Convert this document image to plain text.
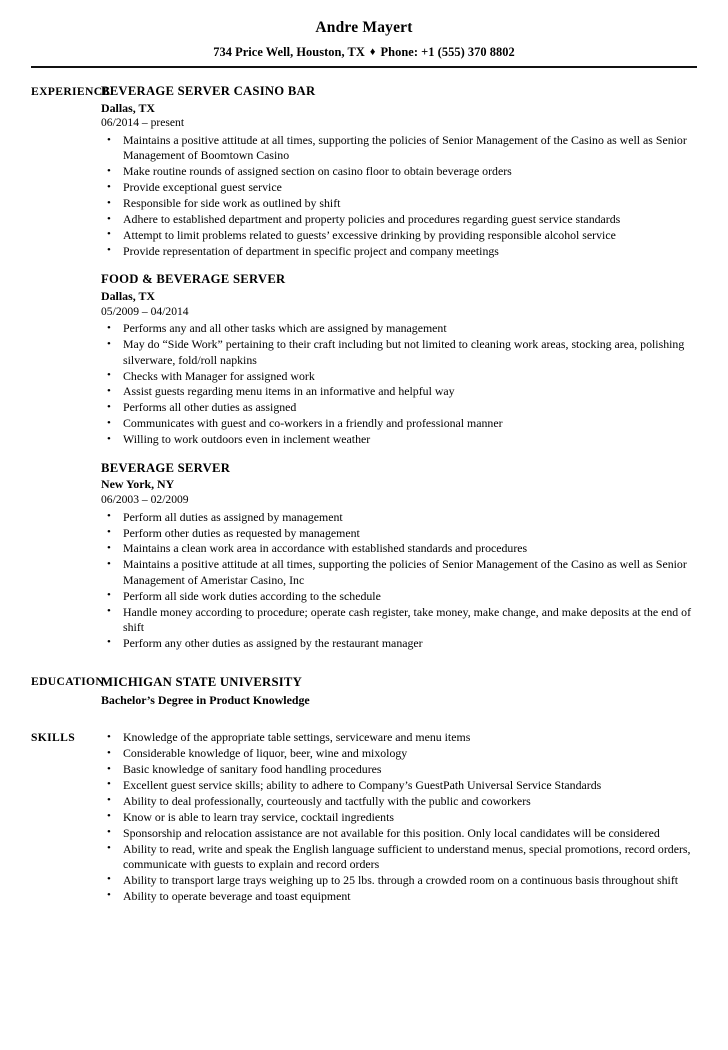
Andre Mayert
734 Price Well, Houston, TX ♦ Phone: +1 (555) 370 8802
EXPERIENCE
BEVERAGE SERVER CASINO BAR
Dallas, TX
06/2014 – present
• Maintains a positive attitude at all times, supporting the policies of Senior Management of the Casino as well as Senior Management of Boomtown Casino
• Make routine rounds of assigned section on casino floor to obtain beverage orders
• Provide exceptional guest service
• Responsible for side work as outlined by shift
• Adhere to established department and property policies and procedures regarding guest service standards
• Attempt to limit problems related to guests’ excessive drinking by providing responsible alcohol service
• Provide representation of department in specific project and company meetings
FOOD & BEVERAGE SERVER
Dallas, TX
05/2009 – 04/2014
• Performs any and all other tasks which are assigned by management
• May do “Side Work” pertaining to their craft including but not limited to cleaning work areas, stocking area, polishing silverware, fold/roll napkins
• Checks with Manager for assigned work
• Assist guests regarding menu items in an informative and helpful way
• Performs all other duties as assigned
• Communicates with guest and co-workers in a friendly and professional manner
• Willing to work outdoors even in inclement weather
BEVERAGE SERVER
New York, NY
06/2003 – 02/2009
• Perform all duties as assigned by management
• Perform other duties as requested by management
• Maintains a clean work area in accordance with established standards and procedures
• Maintains a positive attitude at all times, supporting the policies of Senior Management of the Casino as well as Senior Management of Ameristar Casino, Inc
• Perform all side work duties according to the schedule
• Handle money according to procedure; operate cash register, take money, make change, and make deposits at the end of shift
• Perform any other duties as assigned by the restaurant manager
EDUCATION
MICHIGAN STATE UNIVERSITY
Bachelor’s Degree in Product Knowledge
SKILLS	• Knowledge of the appropriate table settings, serviceware and menu items
• Considerable knowledge of liquor, beer, wine and mixology
• Basic knowledge of sanitary food handling procedures
• Excellent guest service skills; ability to adhere to Company’s GuestPath Universal Service Standards
• Ability to deal professionally, courteously and tactfully with the public and coworkers
• Know or is able to learn tray service, cocktail ingredients
• Sponsorship and relocation assistance are not available for this position. Only local candidates will be considered
• Ability to read, write and speak the English language sufficient to understand menus, special promotions, record orders, communicate with guests to explain and record orders
• Ability to transport large trays weighing up to 25 lbs. through a crowded room on a continuous basis throughout shift
• Ability to operate beverage and toast equipment
